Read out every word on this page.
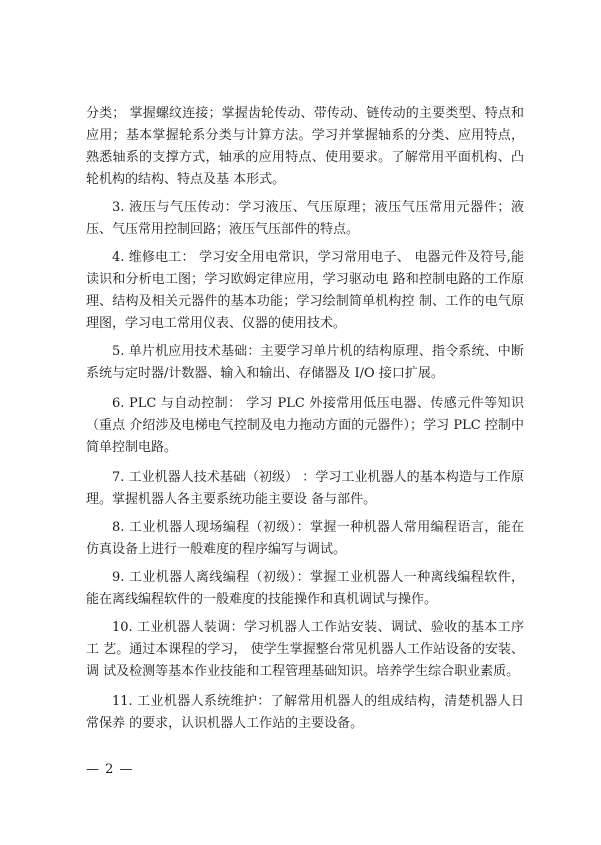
分类； 掌握螺纹连接；掌握齿轮传动、带传动、链传动的主要类型、特点和应用；基本掌握轮系分类与计算方法。学习并掌握轴系的分类、应用特点，熟悉轴系的支撑方式，轴承的应用特点、使用要求。了解常用平面机构、凸轮机构的结构、特点及基 本形式。

3. 液压与气压传动：学习液压、气压原理；液压气压常用元器件；液压、气压常用控制回路；液压气压部件的特点。

4. 维修电工： 学习安全用电常识，学习常用电子、 电器元件及符号,能读识和分析电工图；学习欧姆定律应用，学习驱动电 路和控制电路的工作原理、结构及相关元器件的基本功能；学习绘制简单机构控 制、工作的电气原理图，学习电工常用仪表、仪器的使用技术。

5. 单片机应用技术基础：主要学习单片机的结构原理、指令系统、中断系统与定时器/计数器、输入和输出、存储器及 I/O 接口扩展。

6. PLC 与自动控制： 学习 PLC 外接常用低压电器、传感元件等知识（重点 介绍涉及电梯电气控制及电力拖动方面的元器件）；学习 PLC 控制中简单控制电路。

7. 工业机器人技术基础（初级） ：学习工业机器人的基本构造与工作原理。掌握机器人各主要系统功能主要设 备与部件。

8. 工业机器人现场编程（初级）：掌握一种机器人常用编程语言，能在仿真设备上进行一般难度的程序编写与调试。

9. 工业机器人离线编程（初级）：掌握工业机器人一种离线编程软件，能在离线编程软件的一般难度的技能操作和真机调试与操作。

10. 工业机器人装调：学习机器人工作站安装、调试、验收的基本工序工 艺。通过本课程的学习， 使学生掌握整台常见机器人工作站设备的安装、调 试及检测等基本作业技能和工程管理基础知识。培养学生综合职业素质。

11. 工业机器人系统维护：了解常用机器人的组成结构，清楚机器人日常保养 的要求，认识机器人工作站的主要设备。

— 2 —
